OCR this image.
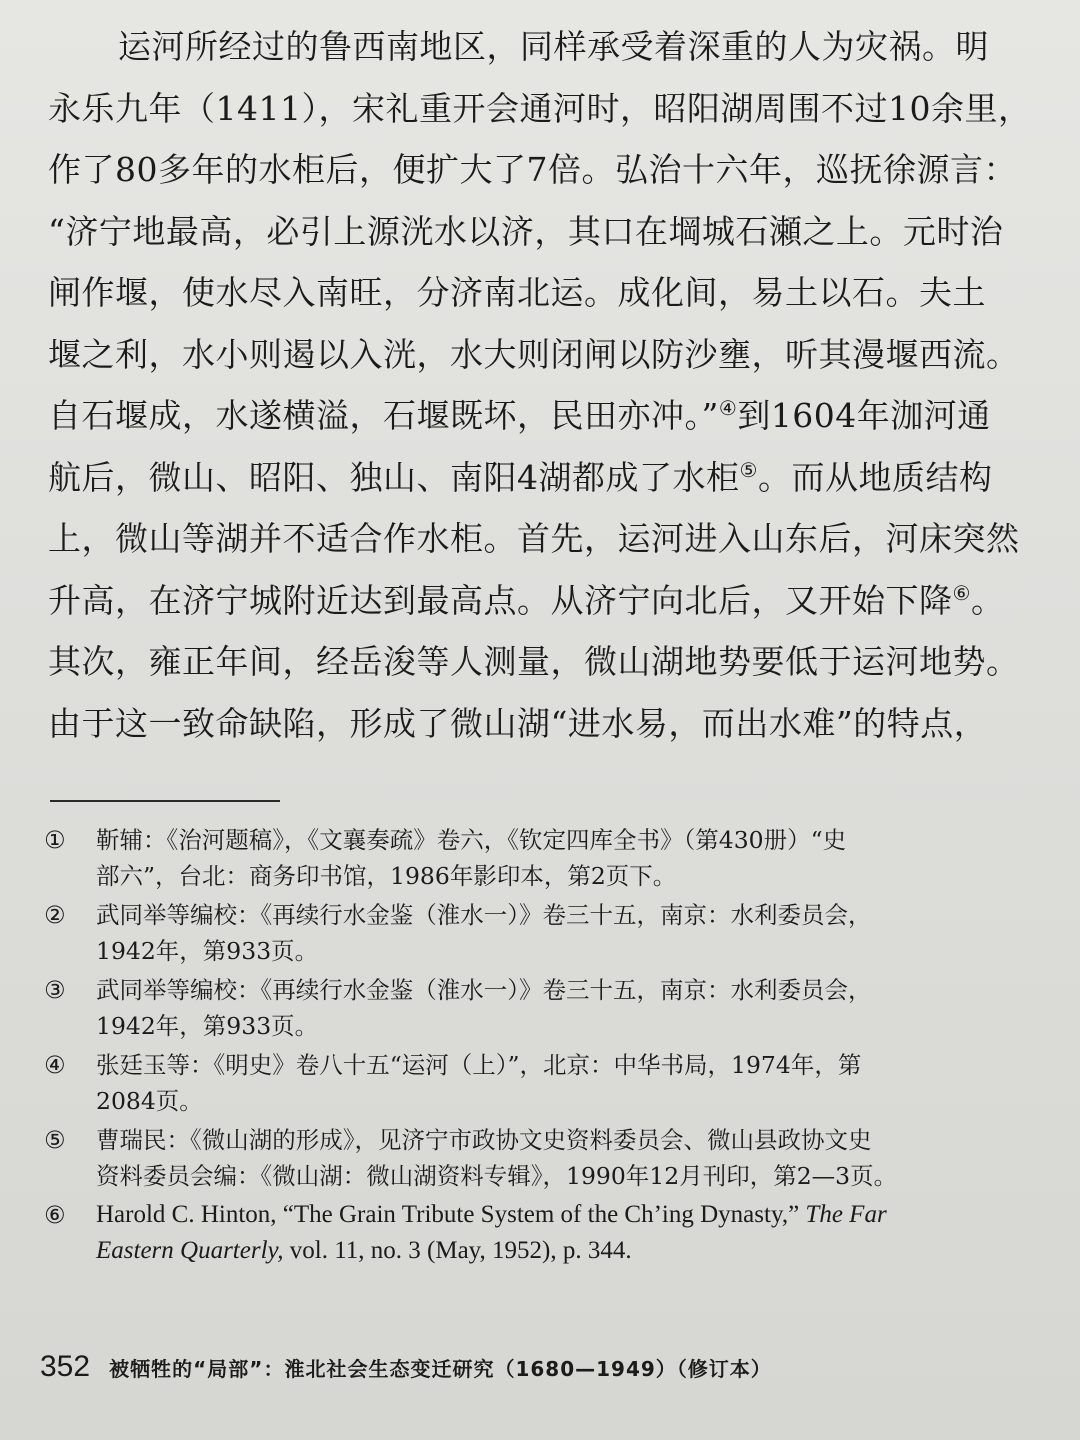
运河所经过的鲁西南地区，同样承受着深重的人为灾祸。明
永乐九年（1411），宋礼重开会通河时，昭阳湖周围不过10余里，
作了80多年的水柜后，便扩大了7倍。弘治十六年，巡抚徐源言：
“济宁地最高，必引上源洸水以济，其口在堈城石瀬之上。元时治
闸作堰，使水尽入南旺，分济南北运。成化间，易土以石。夫土
堰之利，水小则遏以入洸，水大则闭闸以防沙壅，听其漫堰西流。
自石堰成，水遂横溢，石堰既坏，民田亦冲。”④到1604年泇河通
航后，微山、昭阳、独山、南阳4湖都成了水柜⑤。而从地质结构
上，微山等湖并不适合作水柜。首先，运河进入山东后，河床突然
升高，在济宁城附近达到最高点。从济宁向北后，又开始下降⑥。
其次，雍正年间，经岳浚等人测量，微山湖地势要低于运河地势。
由于这一致命缺陷，形成了微山湖“进水易，而出水难”的特点，
①	靳辅：《治河题稿》，《文襄奏疏》卷六，《钦定四库全书》（第430册）“史
部六”，台北：商务印书馆，1986年影印本，第2页下。
②	武同举等编校：《再续行水金鉴（淮水一）》卷三十五，南京：水利委员会，
1942年，第933页。
③	武同举等编校：《再续行水金鉴（淮水一）》卷三十五，南京：水利委员会，
1942年，第933页。
④	张廷玉等：《明史》卷八十五“运河（上）”，北京：中华书局，1974年，第
2084页。
⑤	曹瑞民：《微山湖的形成》，见济宁市政协文史资料委员会、微山县政协文史
资料委员会编：《微山湖：微山湖资料专辑》，1990年12月刊印，第2—3页。
⑥	Harold C. Hinton, “The Grain Tribute System of the Ch’ing Dynasty,” The Far
Eastern Quarterly, vol. 11, no. 3 (May, 1952), p. 344.
352 被牺牲的“局部”：淮北社会生态变迁研究（1680—1949）（修订本）
